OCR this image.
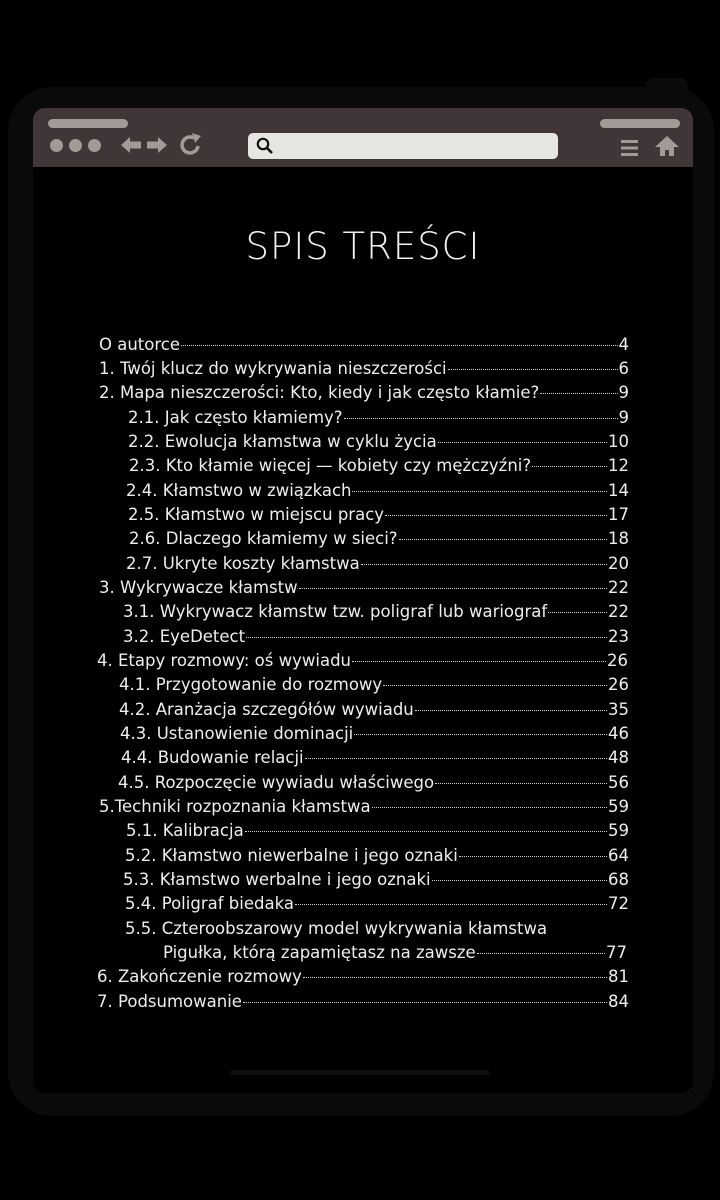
SPIS TREŚCI
O autorce	4
1. Twój klucz do wykrywania nieszczerości	6
2. Mapa nieszczerości: Kto, kiedy i jak często kłamie?	9
2.1. Jak często kłamiemy?	9
2.2. Ewolucja kłamstwa w cyklu życia	10
2.3. Kto kłamie więcej — kobiety czy mężczyźni?	12
2.4. Kłamstwo w związkach	14
2.5. Kłamstwo w miejscu pracy	17
2.6. Dlaczego kłamiemy w sieci?	18
2.7. Ukryte koszty kłamstwa	20
3. Wykrywacze kłamstw	22
3.1. Wykrywacz kłamstw tzw. poligraf lub wariograf	22
3.2. EyeDetect	23
4. Etapy rozmowy: oś wywiadu	26
4.1. Przygotowanie do rozmowy	26
4.2. Aranżacja szczegółów wywiadu	35
4.3. Ustanowienie dominacji	46
4.4. Budowanie relacji	48
4.5. Rozpoczęcie wywiadu właściwego	56
5.Techniki rozpoznania kłamstwa	59
5.1. Kalibracja	59
5.2. Kłamstwo niewerbalne i jego oznaki	64
5.3. Kłamstwo werbalne i jego oznaki	68
5.4. Poligraf biedaka	72
5.5. Czteroobszarowy model wykrywania kłamstwa
Pigułka, którą zapamiętasz na zawsze	77
6. Zakończenie rozmowy	81
7. Podsumowanie	84
